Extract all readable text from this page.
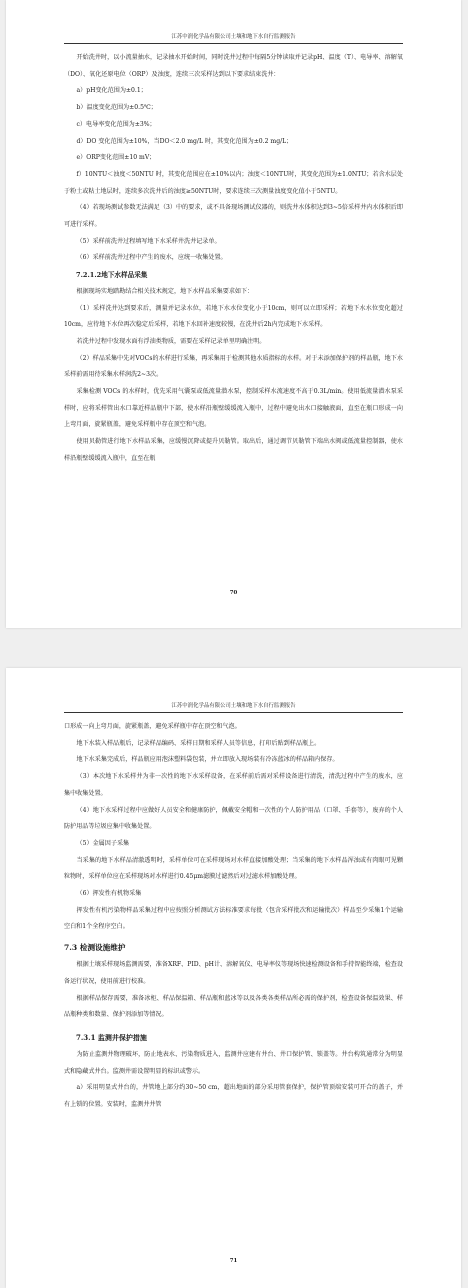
江苏中润化学品有限公司土壤和地下水自行监测报告

开始洗井时，以小流量抽水，记录抽水开始时间，同时洗井过程中每隔5分钟读取并记录pH、温度（T）、电导率、溶解氧（DO）、氧化还原电位（ORP）及浊度，连续三次采样达到以下要求结束洗井：

a）pH变化范围为±0.1；

b）温度变化范围为±0.5℃；

c）电导率变化范围为±3%；

d）DO 变化范围为±10%，当DO＜2.0 mg/L 时，其变化范围为±0.2 mg/L；

e）ORP变化范围±10 mV；

f）10NTU＜浊度＜50NTU 时，其变化范围应在±10%以内；浊度＜10NTU时，其变化范围为±1.0NTU；若含水层处于粉土或粘土地层时，连续多次洗井后的浊度≥50NTU时，要求连续三次测量浊度变化值小于5NTU。

（4）若现场测试参数无法满足（3）中的要求，或不具备现场测试仪器的，则洗井水体积达到3~5倍采样井内水体积后即可进行采样。

（5）采样前洗井过程填写地下水采样井洗井记录单。

（6）采样前洗井过程中产生的废水，应统一收集处置。

7.2.1.2地下水样品采集

根据现场实地踏勘结合相关技术规定，地下水样品采集要求如下：

（1）采样洗井达到要求后，测量并记录水位，若地下水水位变化小于10cm，则可以立即采样；若地下水水位变化超过10cm，应待地下水位再次稳定后采样，若地下水回补速度较慢，在洗井后2h内完成地下水采样。

若洗井过程中发现水面有浮油类物质，需要在采样记录单里明确注明。

（2）样品采集中先对VOCs的水样进行采集，再采集用于检测其他水质指标的水样。对于未添加保护剂的样品瓶，地下水采样前需用待采集水样润洗2~3次。

采集检测 VOCs 的水样时，优先采用气囊泵或低流量潜水泵，控制采样水流速度不高于0.3L/min。使用低流量潜水泵采样时，应将采样管出水口靠近样品瓶中下部，使水样沿瓶壁缓缓流入瓶中，过程中避免出水口接触液面，直至在瓶口形成一向上弯月面，旋紧瓶盖，避免采样瓶中存在顶空和气泡。

使用贝勒管进行地下水样品采集，应缓慢沉降或提升贝勒管。取出后，通过调节贝勒管下端出水阀或低流量控制器，使水样沿瓶壁缓缓流入瓶中，直至在瓶

70
江苏中润化学品有限公司土壤和地下水自行监测报告

口形成一向上弯月面，旋紧瓶盖，避免采样瓶中存在顶空和气泡。

地下水装入样品瓶后，记录样品编码、采样日期和采样人员等信息，打印后贴到样品瓶上。

地下水采集完成后，样品瓶应用泡沫塑料袋包装，并立即放入现场装有冷冻蓝冰的样品箱内保存。

（3）本次地下水采样井为非一次性的地下水采样设备，在采样前后需对采样设备进行清洗，清洗过程中产生的废水，应集中收集处置。

（4）地下水采样过程中应做好人员安全和健康防护，佩戴安全帽和一次性的个人防护用品（口罩、手套等），废弃的个人防护用品等垃圾应集中收集处置。

（5）金属因子采集

当采集的地下水样品清澈透明时，采样单位可在采样现场对水样直接加酸处理；当采集的地下水样品浑浊或有肉眼可见颗粒物时，采样单位应在采样现场对水样进行0.45μm滤膜过滤然后对过滤水样加酸处理。

（6）挥发性有机物采集

挥发性有机污染物样品采集过程中应按照分析测试方法标准要求每批（包含采样批次和运输批次）样品至少采集1个运输空白和1个全程序空白。

7.3 检测设施维护

根据土壤采样现场监测需要，准备XRF、PID、pH计、溶解氧仪、电导率仪等现场快速检测设备和手持智能终端，检查设备运行状况，使用前进行校准。

根据样品保存需要，准备冰柜、样品保温箱、样品瓶和蓝冰等以及各类各类样品所必需的保护剂，检查设备保温效果、样品瓶种类和数量、保护剂添加等情况。

7.3.1 监测井保护措施

为防止监测井物理破坏，防止地表水、污染物质进入，监测井应建有井台、井口保护管、锁盖等。井台构筑通常分为明显式和隐藏式井台。监测井需设置明显的标识或警示。

a）采用明显式井台的，井管地上部分约30~50 cm，超出地面的部分采用管套保护，保护管顶端安装可开合的盖子，并有上锁的位置。安装时，监测井井管

71
